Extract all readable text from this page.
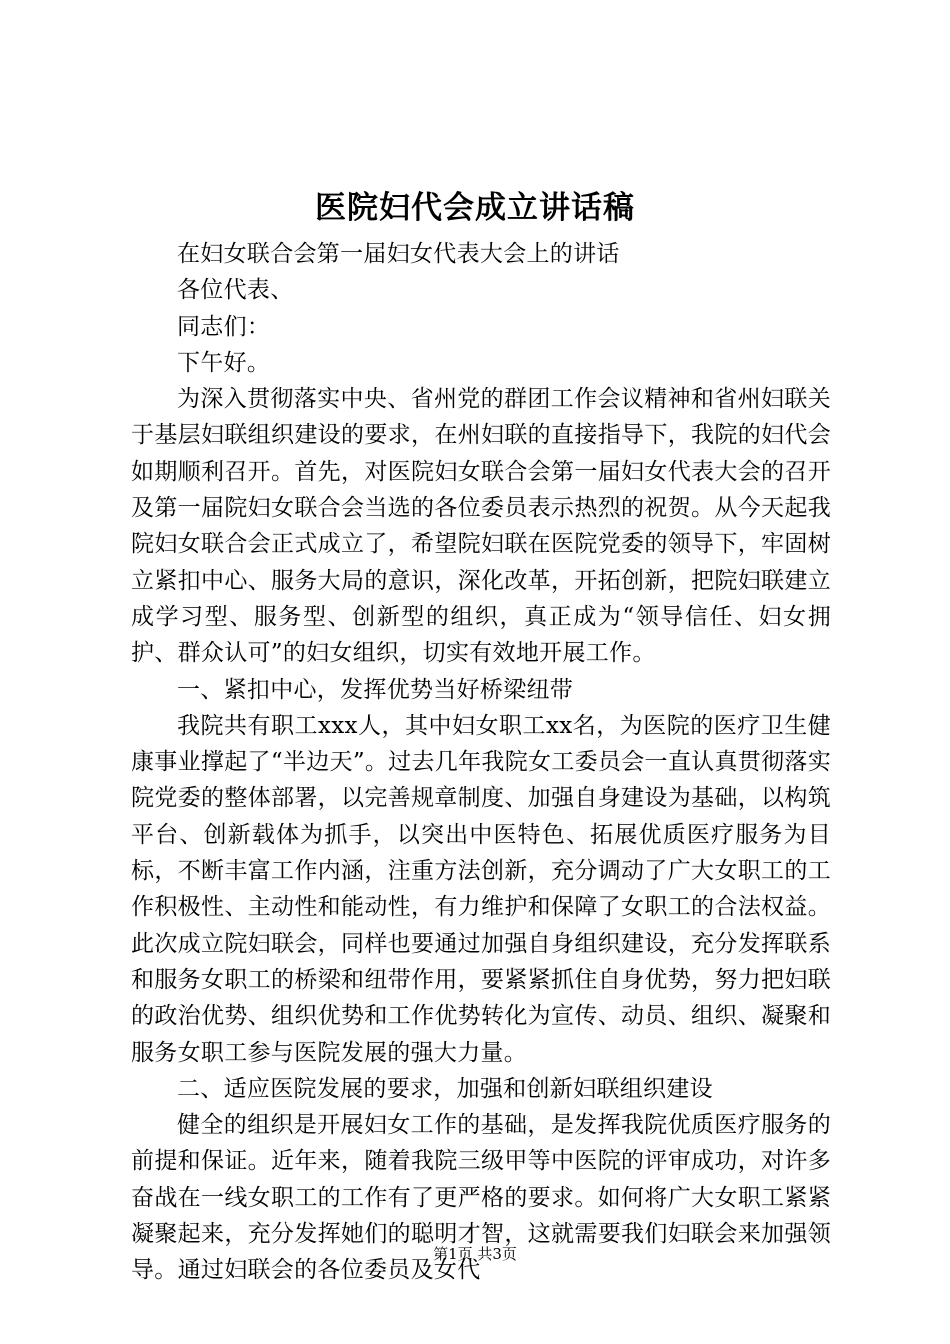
医院妇代会成立讲话稿

在妇女联合会第一届妇女代表大会上的讲话

各位代表、

同志们：

下午好。

为深入贯彻落实中央、省州党的群团工作会议精神和省州妇联关于基层妇联组织建设的要求，在州妇联的直接指导下，我院的妇代会如期顺利召开。首先，对医院妇女联合会第一届妇女代表大会的召开及第一届院妇女联合会当选的各位委员表示热烈的祝贺。从今天起我院妇女联合会正式成立了，希望院妇联在医院党委的领导下，牢固树立紧扣中心、服务大局的意识，深化改革，开拓创新，把院妇联建立成学习型、服务型、创新型的组织，真正成为“领导信任、妇女拥护、群众认可”的妇女组织，切实有效地开展工作。

一、紧扣中心，发挥优势当好桥梁纽带

我院共有职工xxx人，其中妇女职工xx名，为医院的医疗卫生健康事业撑起了“半边天”。过去几年我院女工委员会一直认真贯彻落实院党委的整体部署，以完善规章制度、加强自身建设为基础，以构筑平台、创新载体为抓手，以突出中医特色、拓展优质医疗服务为目标，不断丰富工作内涵，注重方法创新，充分调动了广大女职工的工作积极性、主动性和能动性，有力维护和保障了女职工的合法权益。此次成立院妇联会，同样也要通过加强自身组织建设，充分发挥联系和服务女职工的桥梁和纽带作用，要紧紧抓住自身优势，努力把妇联的政治优势、组织优势和工作优势转化为宣传、动员、组织、凝聚和服务女职工参与医院发展的强大力量。

二、适应医院发展的要求，加强和创新妇联组织建设

健全的组织是开展妇女工作的基础，是发挥我院优质医疗服务的前提和保证。近年来，随着我院三级甲等中医院的评审成功，对许多奋战在一线女职工的工作有了更严格的要求。如何将广大女职工紧紧凝聚起来，充分发挥她们的聪明才智，这就需要我们妇联会来加强领导。通过妇联会的各位委员及女代

第1页 共3页
